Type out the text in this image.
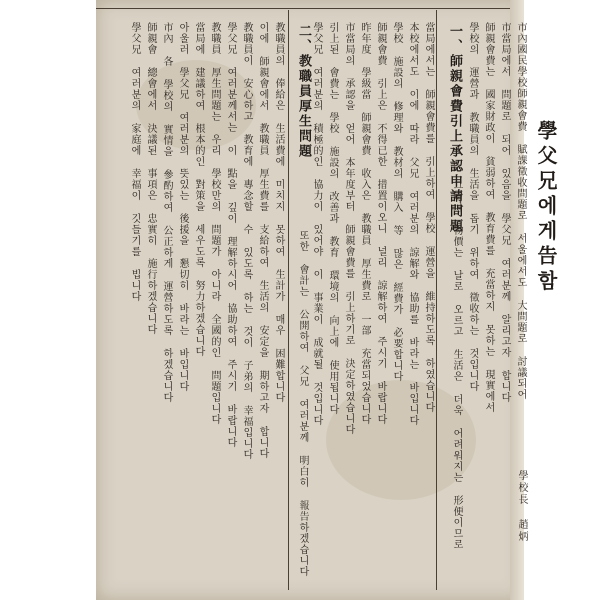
學父兄에게告함
一、師親會費引上承認申請問題
二、教職員厚生問題
學校長 趙炳
市內國民學校師親會費 賦課徵收問題로 서울에서도 大問題로 討議되어
市當局에서 問題로 되어 있음을 學父兄 여러분께 알리고자 합니다
師親會費는 國家財政이 貧弱하여 教育費를 充當하지 못하는 現實에서
學校의 運營과 教職員의 生活을 돕기 위하여 徵收하는 것입니다
그러나 物價는 날로 오르고 生活은 더욱 어려워지는 形便이므로
當局에서는 師親會費를 引上하여 學校 運營을 維持하도록 하였습니다
本校에서도 이에 따라 父兄 여러분의 諒解와 協助를 바라는 바입니다
學校 施設의 修理와 教材의 購入 等 많은 經費가 必要합니다
師親會費 引上은 不得已한 措置이오니 널리 諒解하여 주시기 바랍니다
昨年度 學級當 師親會費 收入은 教職員 厚生費로 一部 充當되었습니다
市當局의 承認을 얻어 本年度부터 師親會費를 引上하기로 決定하였습니다
引上된 會費는 學校 施設의 改善과 教育 環境의 向上에 使用됩니다
學父兄 여러분의 積極的인 協力이 있어야 이 事業이 成就될 것입니다
또한 會計는 公開하여 父兄 여러분께 明白히 報告하겠습니다
教職員의 俸給은 生活費에 미치지 못하여 生計가 매우 困難합니다
이에 師親會에서 教職員 厚生費를 支給하여 生活의 安定을 期하고자 합니다
教職員이 安心하고 教育에 專念할 수 있도록 하는 것이 子弟의 幸福입니다
學父兄 여러분께서는 이 點을 깊이 理解하시어 協助하여 주시기 바랍니다
教職員 厚生問題는 우리 學校만의 問題가 아니라 全國的인 問題입니다
當局에 建議하여 根本的인 對策을 세우도록 努力하겠습니다
아울러 學父兄 여러분의 뜻있는 後援을 懇切히 바라는 바입니다
市內 各 學校의 實情을 參酌하여 公正하게 運營하도록 하겠습니다
師親會 總會에서 決議된 事項은 忠實히 施行하겠습니다
學父兄 여러분의 家庭에 幸福이 깃들기를 빕니다
